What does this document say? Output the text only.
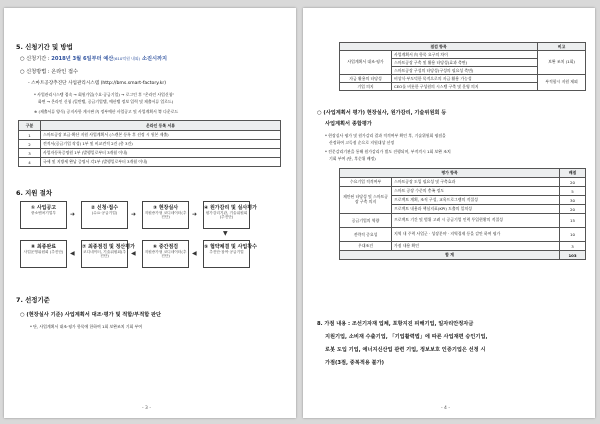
5. 신청기간 및 방법
○ 신청기간 : 2018년 3월 6일부터 예산(610억원 내외) 소진시까지
○ 신청방법 : 온라인 접수
- 스마트공장추진단 사업관리시스템 (http://bms.smart-factory.kr)
* 사업관리시스템 접속 → 회원가입(수요·공급기업) → 로그인 후 "온라인 사업신청"
화면 → 온라인 신청 (일반탭, 공급기업탭, 예산탭 정보 입력 및 제출서류 업로드)
※ (제출서류 양식) 공지사항 게시판 內 정부예산 사업공고 및 사업계획서 等 다운로드
구분	온라인 등록 서류
1	스마트공장 보급·확산 지원 사업계획서 (스캔본 등록 후 선정 시 원본 제출)
2	견적서(공급기업 작성) 1부 및 비교견적 2건 (총 3건)
3	사업자등록증명원 1부 (발행일로부터 3개월 이내)
4	국세 및 지방세 완납 증명서 각1부 (발행일로부터 3개월 이내)
6. 지원 절차
① 사업공고
중소벤처기업부	➜
② 신청·접수
(수요·공급기업)	➜
③ 현장실사
지원증가형 코디네이터(추진단)	➜
④ 원가감리 및 실사평가
원가감리기관, 기술위원회(추진단)
▼
⑧ 최종완료
사업운영위원회 (추진단)	◀
⑦ 최종점검 및 정산평가
코디네이터, 기술위원회(추진단)	◀
⑥ 중간점검
지원증가형 코디네이터(추진단)	◀
⑤ 협약체결 및 사업착수
추진단·참여·공급기업
7. 선정기준
○ (현장실사 기준) 사업계획서 대조·평가 및 적합/부적합 판단
* 단, 사업계획서 대조·평가 항목에 한하여 1회 보완조치 기회 부여
- 3 -
점검 항목		비고
사업계획서 대조·평가	사업계획서 內 항목 요구의 차이	보완 조치 (1회)
	스마트공장 구축 및 활용 타당성(효과 측면)	
	스마트공장 구성의 타당성(구성의 필요성 측면)	
자금 활용의 타당성	비상식·부도덕한 목적으로의 자금 활용 가능성	부적합시 지원 제외
기업 의지	CEO를 비롯한 구성원의 시스템 구축 및 운영 의지	
○ (사업계획서 평가) 현장실사, 원가감리, 기술위원회 등
사업계획서 종합평가
* 현장실사 평가 및 원가감리 결과 적격여부 확인 후, 기술위원회 평점을
산정하여 고득점 순으로 지원대상 선정
* 전문감리기관을 통해 원가감리가 별도 진행되며, 부적격시 1회 보완 조치
기회 부여 (단, 후순위 배정)
평가 항목		배점
수요기업 적격여부	스마트공장 도입 필요성 및 구축효과	20
제안된 타당성 및 스마트공장 구축 의지	스마트 공장 수준의 충족 정도	5
	프로젝트 계획, 조직 구성, 교육프로그램의 적절성	30
	프로젝트 내용과 핵심지표(KPI) 도출의 일치성	20
공급기업의 역량	프로젝트 기간 및 범위 고려 시 공급기업 인력 투입현황의 적절성	15
전략적 중요성	지역 내 주력 사업군 · 성장분야 · 지역경제 등을 감안 하여 평가	10
우대조건	가점 내용 확인	3
합 계		103
8. 가점 내용 : 조선기자재 업체, 포항지진 피해기업, 일자리안정자금
지원기업, 소비재 수출기업, 「기업활력법」에 따른 사업재편 승인기업,
로봇 도입 기업, 에너지신산업 관련 기업, 정보보호 인증기업은 선정 시
가점(3점, 중복적용 불가)
- 4 -
